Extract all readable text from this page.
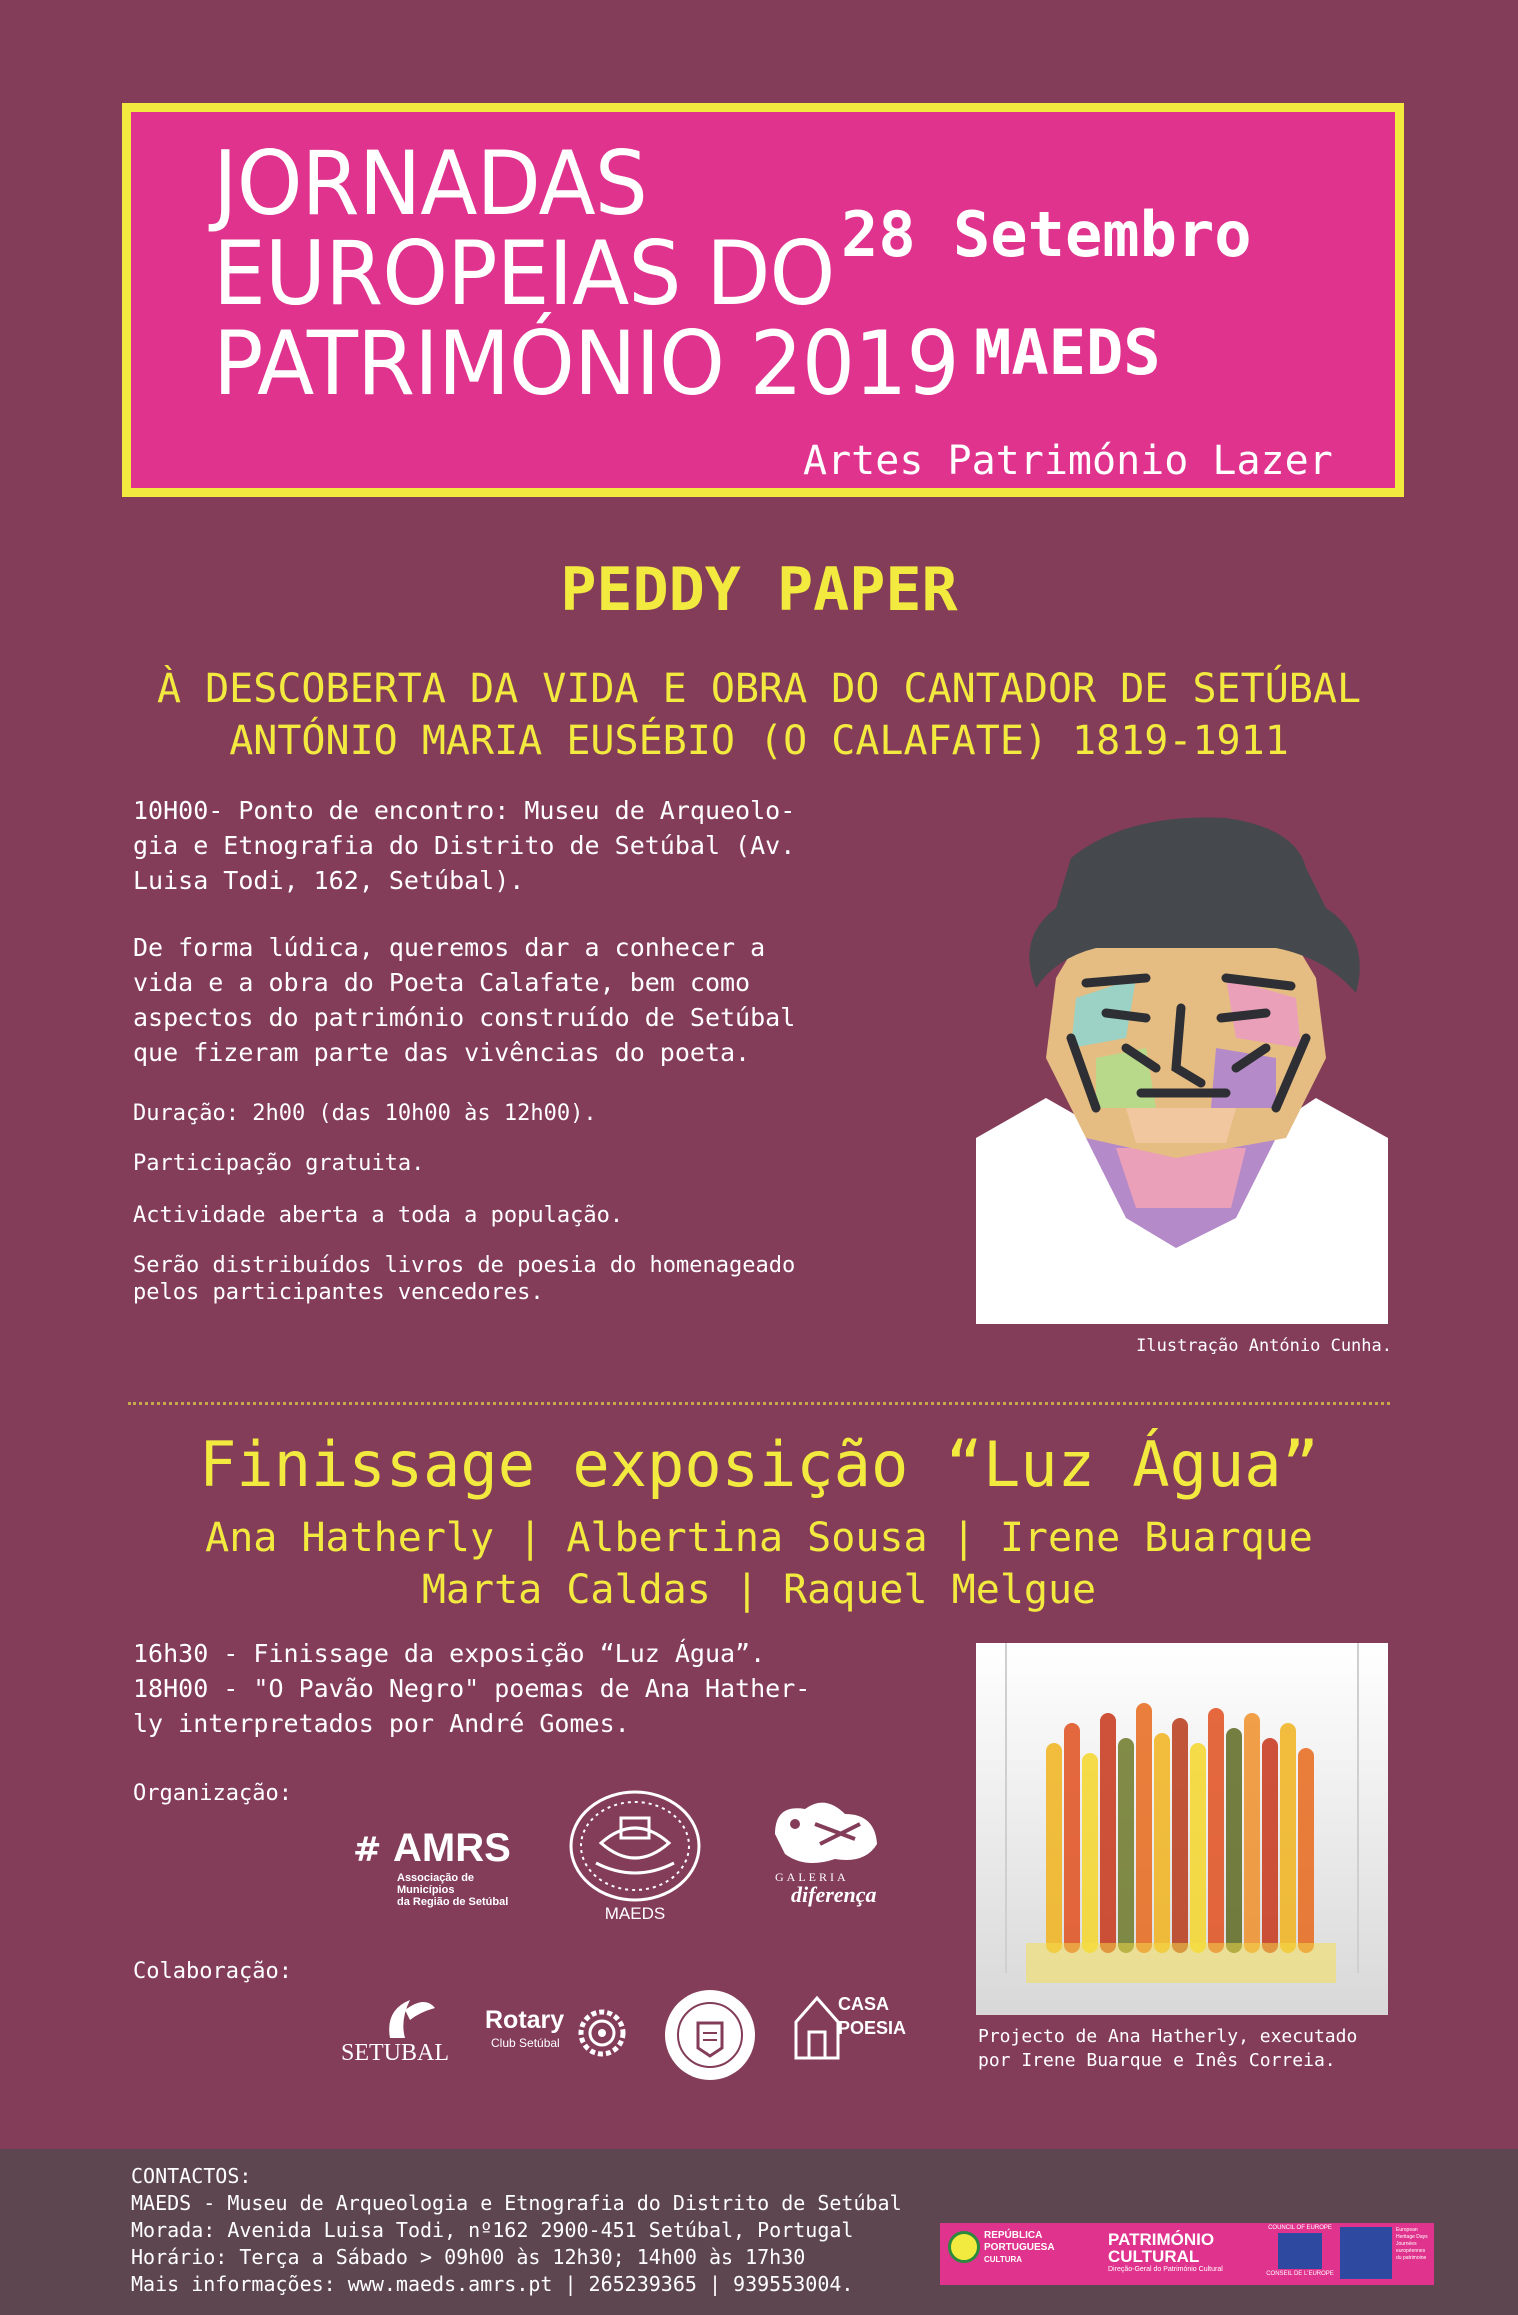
JORNADAS
EUROPEIAS DO
PATRIMÓNIO 2019
28 Setembro
MAEDS
Artes Património Lazer
PEDDY PAPER
À DESCOBERTA DA VIDA E OBRA DO CANTADOR DE SETÚBAL
ANTÓNIO MARIA EUSÉBIO (O CALAFATE) 1819-1911
10H00- Ponto de encontro: Museu de Arqueolo-
gia e Etnografia do Distrito de Setúbal (Av.
Luisa Todi, 162, Setúbal).
De forma lúdica, queremos dar a conhecer a
vida e a obra do Poeta Calafate, bem como
aspectos do património construído de Setúbal
que fizeram parte das vivências do poeta.
Duração: 2h00 (das 10h00 às 12h00).
Participação gratuita.
Actividade aberta a toda a população.
Serão distribuídos livros de poesia do homenageado
pelos participantes vencedores.
Ilustração António Cunha.
Finissage exposição “Luz Água”
Ana Hatherly | Albertina Sousa | Irene Buarque
Marta Caldas | Raquel Melgue
16h30 - Finissage da exposição “Luz Água”.
18H00 - "O Pavão Negro" poemas de Ana Hather-
ly interpretados por André Gomes.
Organização:
# AMRS
Associação de Municípios
da Região de Setúbal
MAEDS
GALERIA
diferença
Colaboração:
SETUBAL
Rotary
Club Setúbal
CASA
POESIA	Projecto de Ana Hatherly, executado
por Irene Buarque e Inês Correia.
CONTACTOS:
MAEDS - Museu de Arqueologia e Etnografia do Distrito de Setúbal
Morada: Avenida Luisa Todi, nº162 2900-451 Setúbal, Portugal
Horário: Terça a Sábado > 09h00 às 12h30; 14h00 às 17h30
Mais informações: www.maeds.amrs.pt | 265239365 | 939553004.
REPÚBLICA
PORTUGUESA
CULTURA
PATRIMÓNIO
CULTURAL
Direção-Geral do Património Cultural
COUNCIL OF EUROPE
CONSEIL DE L'EUROPE
European Heritage Days
Journées européennes
du patrimoine
